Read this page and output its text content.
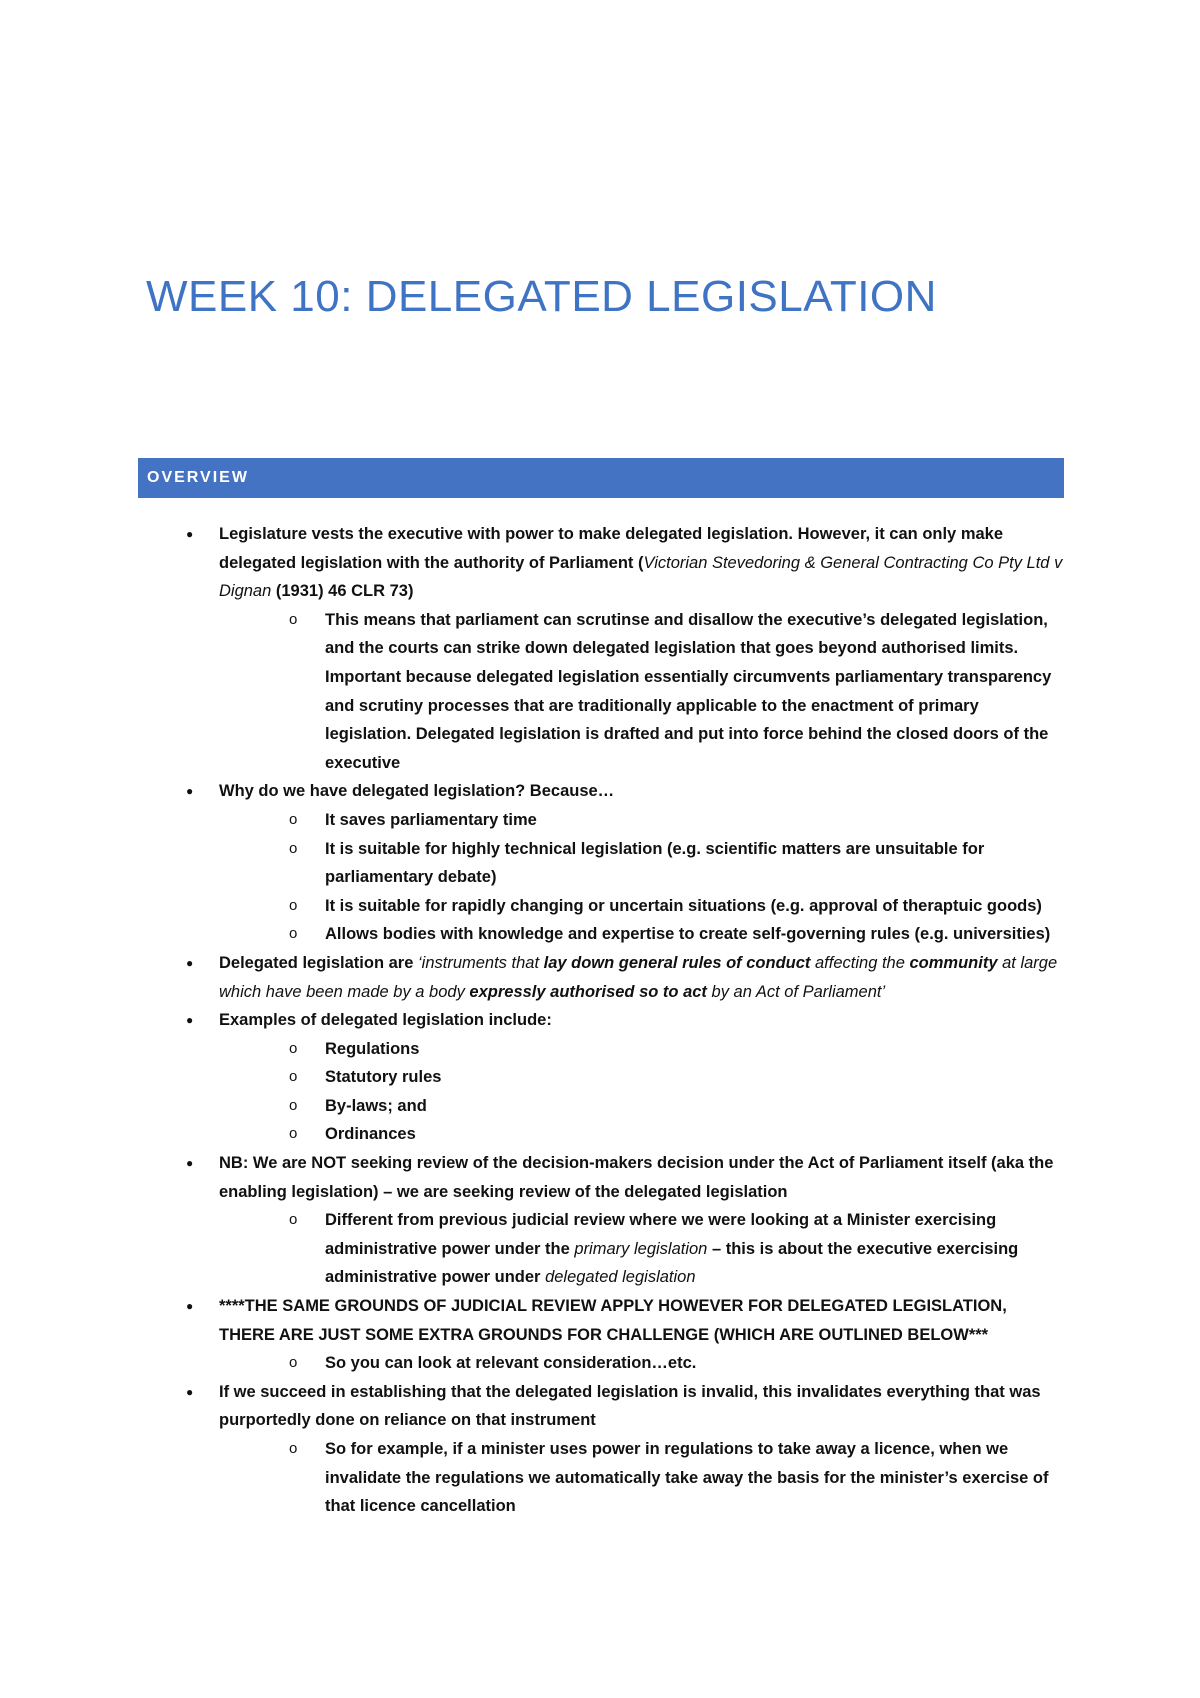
WEEK 10: DELEGATED LEGISLATION
OVERVIEW
● Legislature vests the executive with power to make delegated legislation. However, it can only make delegated legislation with the authority of Parliament (Victorian Stevedoring & General Contracting Co Pty Ltd v Dignan (1931) 46 CLR 73)
o This means that parliament can scrutinse and disallow the executive’s delegated legislation, and the courts can strike down delegated legislation that goes beyond authorised limits. Important because delegated legislation essentially circumvents parliamentary transparency and scrutiny processes that are traditionally applicable to the enactment of primary legislation. Delegated legislation is drafted and put into force behind the closed doors of the executive
● Why do we have delegated legislation? Because…
o It saves parliamentary time
o It is suitable for highly technical legislation (e.g. scientific matters are unsuitable for parliamentary debate)
o It is suitable for rapidly changing or uncertain situations (e.g. approval of theraptuic goods)
o Allows bodies with knowledge and expertise to create self-governing rules (e.g. universities)
● Delegated legislation are ‘instruments that lay down general rules of conduct affecting the community at large which have been made by a body expressly authorised so to act by an Act of Parliament’
● Examples of delegated legislation include:
o Regulations
o Statutory rules
o By-laws; and
o Ordinances
● NB: We are NOT seeking review of the decision-makers decision under the Act of Parliament itself (aka the enabling legislation) – we are seeking review of the delegated legislation
o Different from previous judicial review where we were looking at a Minister exercising administrative power under the primary legislation – this is about the executive exercising administrative power under delegated legislation
● ****THE SAME GROUNDS OF JUDICIAL REVIEW APPLY HOWEVER FOR DELEGATED LEGISLATION, THERE ARE JUST SOME EXTRA GROUNDS FOR CHALLENGE (WHICH ARE OUTLINED BELOW***
o So you can look at relevant consideration…etc.
● If we succeed in establishing that the delegated legislation is invalid, this invalidates everything that was purportedly done on reliance on that instrument
o So for example, if a minister uses power in regulations to take away a licence, when we invalidate the regulations we automatically take away the basis for the minister’s exercise of that licence cancellation
